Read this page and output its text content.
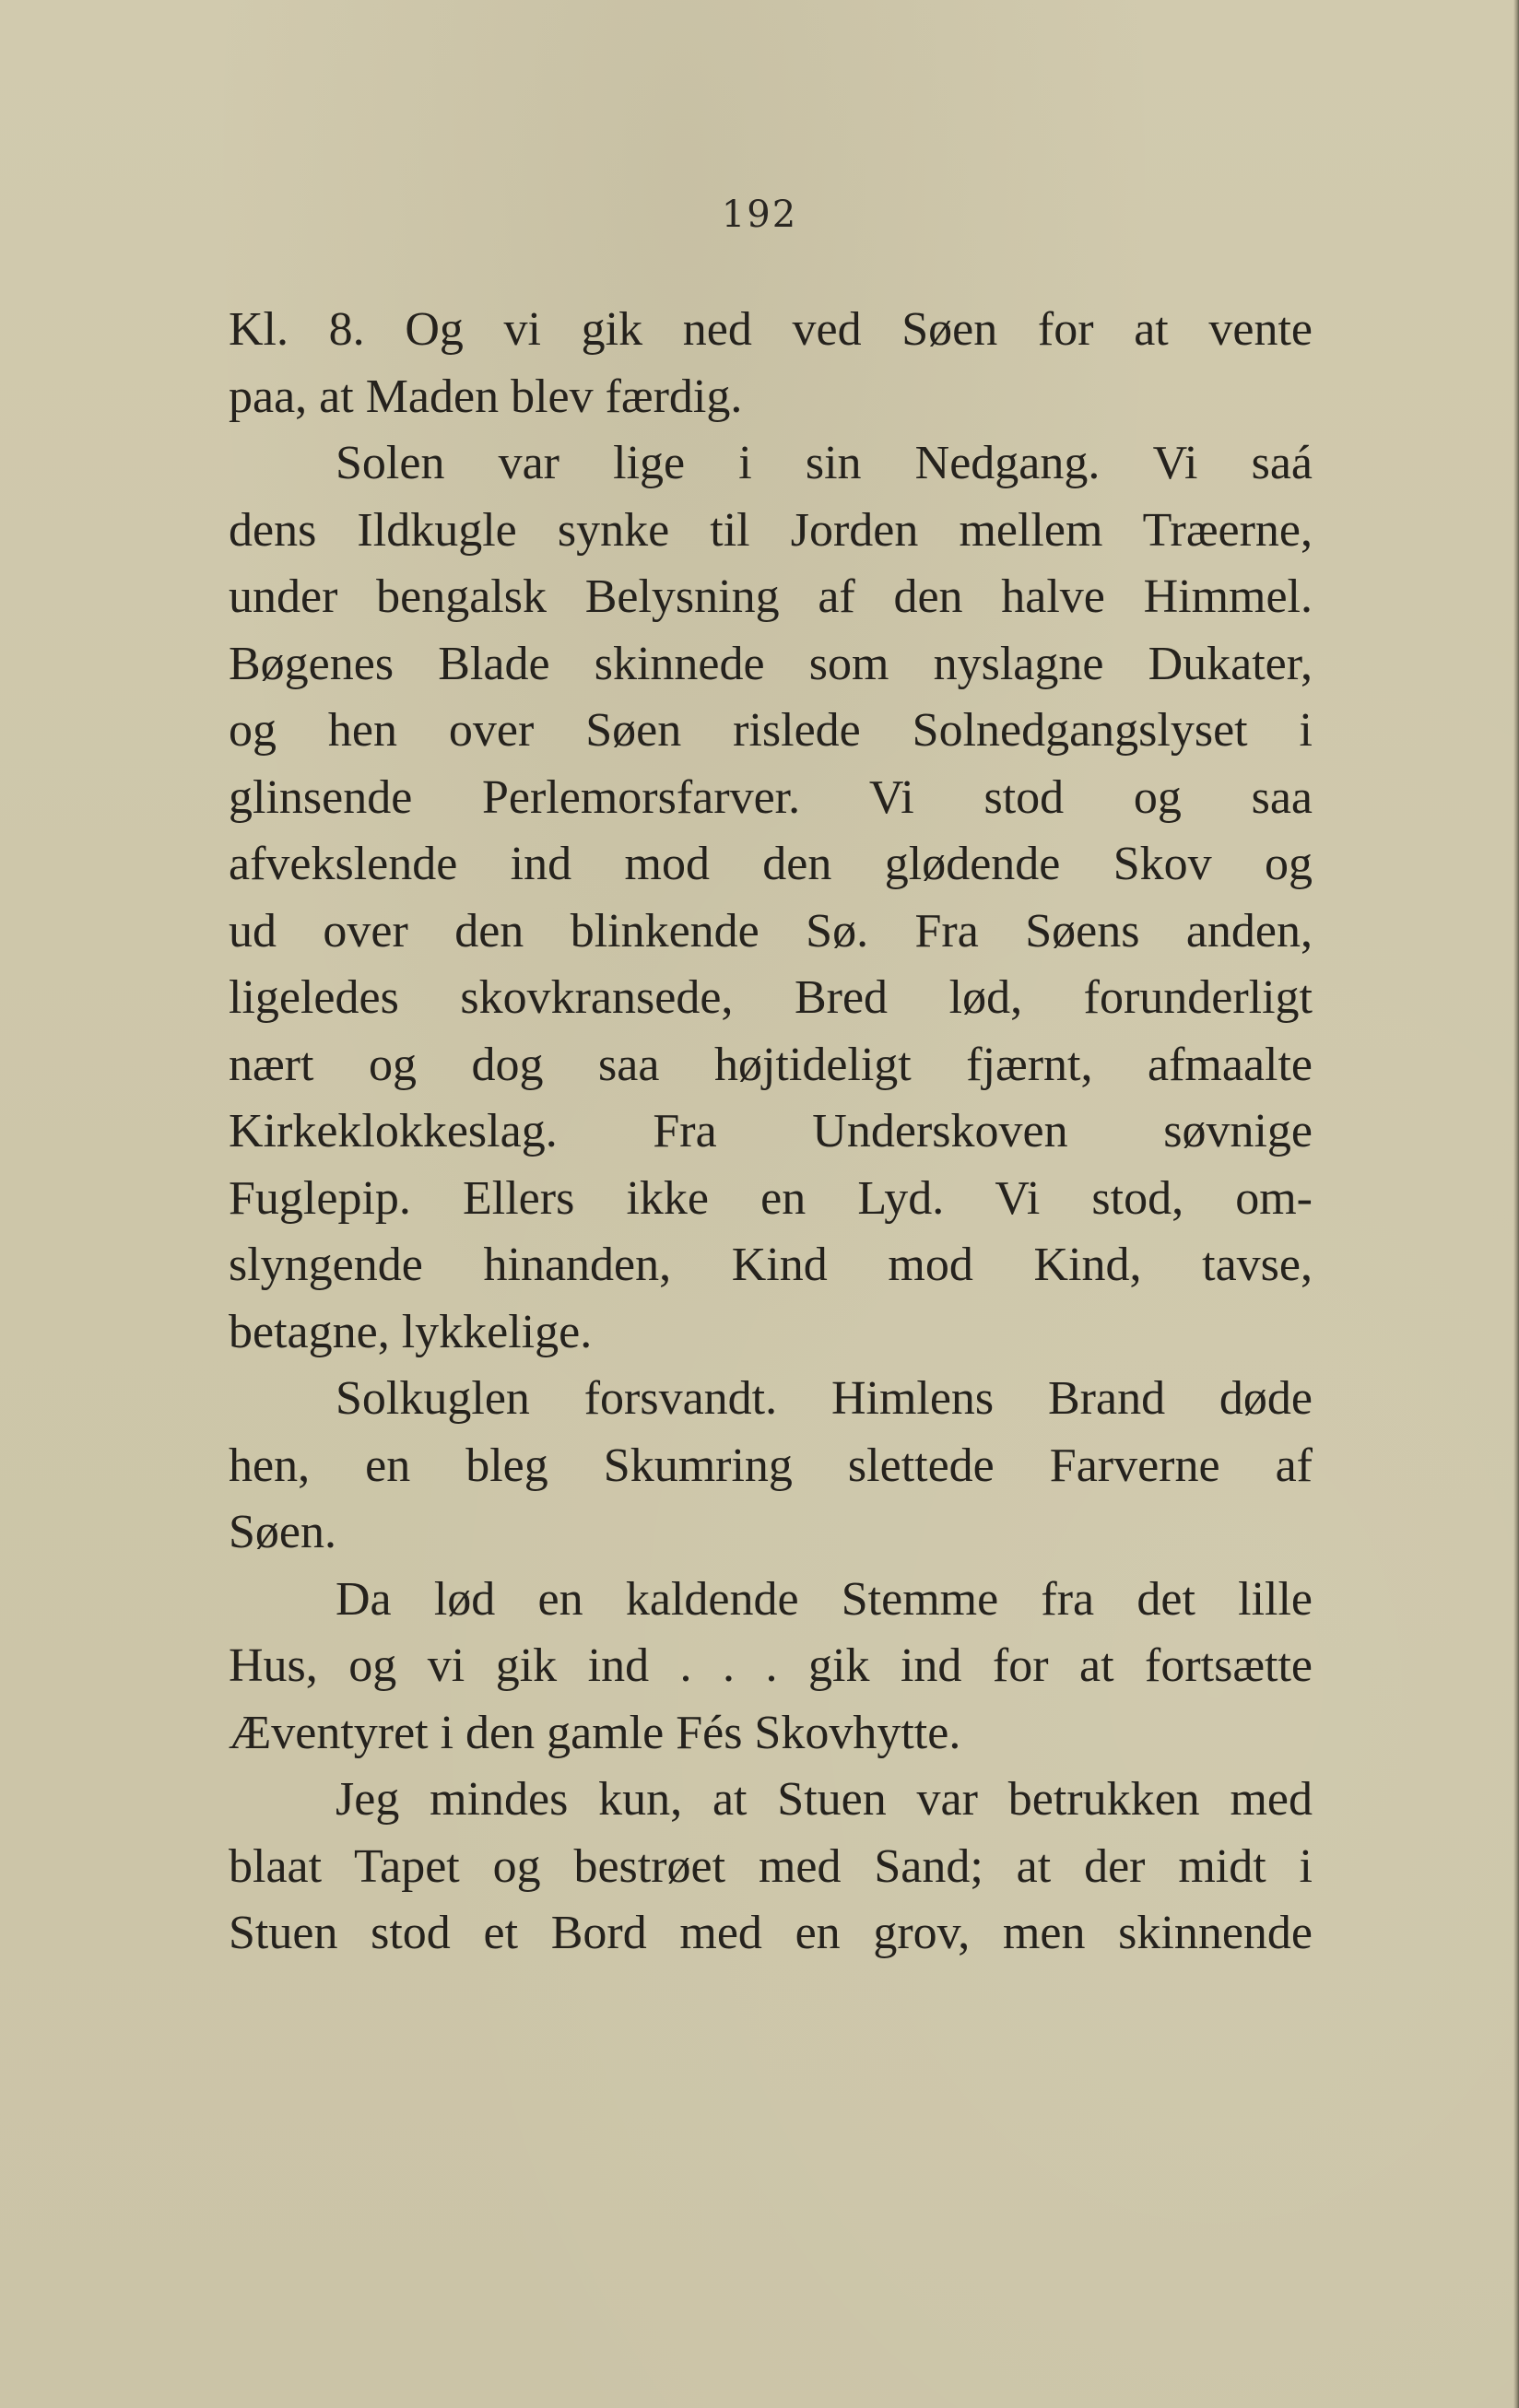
192
Kl. 8. Og vi gik ned ved Søen for at vente
paa, at Maden blev færdig.
Solen var lige i sin Nedgang. Vi saá
dens Ildkugle synke til Jorden mellem Træerne,
under bengalsk Belysning af den halve Himmel.
Bøgenes Blade skinnede som nyslagne Dukater,
og hen over Søen rislede Solnedgangslyset i
glinsende Perlemorsfarver. Vi stod og saa
afvekslende ind mod den glødende Skov og
ud over den blinkende Sø. Fra Søens anden,
ligeledes skovkransede, Bred lød, forunderligt
nært og dog saa højtideligt fjærnt, afmaalte
Kirkeklokkeslag. Fra Underskoven søvnige
Fuglepip. Ellers ikke en Lyd. Vi stod, om-
slyngende hinanden, Kind mod Kind, tavse,
betagne, lykkelige.
Solkuglen forsvandt. Himlens Brand døde
hen, en bleg Skumring slettede Farverne af
Søen.
Da lød en kaldende Stemme fra det lille
Hus, og vi gik ind . . . gik ind for at fortsætte
Æventyret i den gamle Fés Skovhytte.
Jeg mindes kun, at Stuen var betrukken med
blaat Tapet og bestrøet med Sand; at der midt i
Stuen stod et Bord med en grov, men skinnende
